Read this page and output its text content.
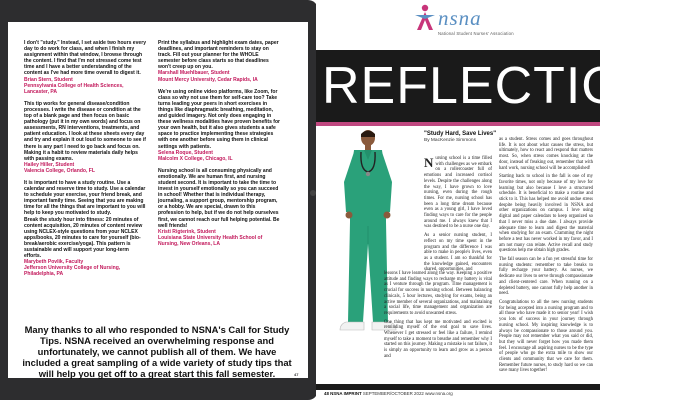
I don't "study." Instead, I set aside two hours every day to do work for class, and when I finish my assignment within that window, I browse through the content. I find that I'm not stressed come test time and I have a better understanding of the content as I've had more time overall to digest it.
Brian Stern, Student
Pennsylvania College of Health Sciences, Lancaster, PA

This tip works for general disease/condition processes. I write the disease or condition at the top of a blank page and then focus on basic pathology (put it in my own words) and focus on assessments, RN interventions, treatments, and patient education. I look at these sheets every day and try and explain it out loud to someone to see if there is any part I need to go back and focus on. Making it a habit to review materials daily helps with passing exams.
Hailey Hiller, Student
Valencia College, Orlando, FL

It is important to have a study routine. Use a calendar and reserve time to study. Use a calendar to schedule your exercise, your friend break, and important family time. Seeing that you are making time for all the things that are important to you will help to keep you motivated to study.
Break the study hour into fitness: 20 minutes of content acquisition, 20 minutes of content review using NCLEX-style questions from your NCLEX apps/books, 20 minutes to care for yourself (bio-break/aerobic exercise/yoga). This pattern is sustainable and will support your long-term efforts.
Marybeth Povlik, Faculty
Jefferson University College of Nursing, Philadelphia, PA

Print the syllabus and highlight exam dates, paper deadlines, and important reminders to stay on track. Fill out your planner for the WHOLE semester before class starts so that deadlines won't creep up on you.
Marshall Muehlbauer, Student
Mount Mercy University, Cedar Rapids, IA

We're using online video platforms, like Zoom, for class so why not use them for self-care too? Take turns leading your peers in short exercises in things like diaphragmatic breathing, meditation, and guided imagery. Not only does engaging in these wellness modalities have proven benefits for your own health, but it also gives students a safe space to practice implementing these strategies with one another before using them in clinical settings with patients.
Selena Roque, Student
Malcolm X College, Chicago, IL

Nursing school is all consuming physically and emotionally. We are human first, and nursing student second. It is important to take the time to invest in yourself emotionally so you can succeed in school! Whether that is individual therapy, journaling, a support group, mentorship program, or a hobby. We are special, drawn to this profession to help, but if we do not help ourselves first, we cannot reach our full helping potential. Be well friends!
Kristi Rigterink, Student
Louisiana State University Health School of Nursing, New Orleans, LA

Many thanks to all who responded to NSNA's Call for Study Tips. NSNA received an overwhelming response and unfortunately, we cannot publish all of them. We have included a great sampling of a wide variety of study tips that will help you get off to a great start this fall semester.	47
nsna
National Student Nurses' Association
REFLECTIONS
"Study Hard, Save Lives"
By MacKenzie Simmons

Nursing school is a time filled with challenges as we embark on a rollercoaster full of emotions and increased cortisol levels. Despite the challenges along the way, I have grown to love nursing, even during the rough times. For me, nursing school has been a long time dream because even as a young girl, I have loved finding ways to care for the people around me. I always knew that I was destined to be a nurse one day.

As a senior nursing student, I reflect on my time spent in the program and the difference I was able to make in people's lives, even as a student. I am so thankful for the knowledge gained, encounters shared, opportunities, and

lessons I have learned along the way. Keeping a positive attitude and finding ways to recharge my battery is vital as I venture through the program. Time management is crucial for success in nursing school. Between balancing clinicals, 5 hour lectures, studying for exams, being an active member of several organizations, and maintaining a social life, time management and organization are requirements to avoid unwanted stress.

One thing that has kept me motivated and excited is reminding myself of the end goal to save lives. Whenever I get stressed or feel like a failure, I remind myself to take a moment to breathe and remember why I started on this journey. Making a mistake is not failure, it is simply an opportunity to learn and grow as a person and

as a student. Stress comes and goes throughout life. It is not about what causes the stress, but ultimately, how to react and respond that matters most. So, when stress comes knocking at the door, instead of freaking out, remember that with hard work, nursing school will be accomplished!

Starting back to school in the fall is one of my favorite times, not only because of my love for learning but also because I love a structured schedule. It is beneficial to make a routine and stick to it. This has helped me avoid undue stress despite being heavily involved in NSNA and other organizations on campus. I love using digital and paper calendars to keep organized so that I never miss a due date. I always provide adequate time to learn and digest the material when studying for an exam. Cramming the night before a test has never worked in my favor, and I am not many can relate. Active recall and study questions help me obtain high grades.

The fall season can be a fun yet stressful time for nursing students: remember to take breaks to fully recharge your battery. As nurses, we dedicate our lives to serve through compassionate and client-centered care. When running on a depleted battery, one cannot fully help another in need.

Congratulations to all the new nursing students for being accepted into a nursing program and to all those who have made it to senior year! I wish you lots of success in your journey through nursing school. My inspiring knowledge is to always be compassionate to those around you. People may not remember what you said or did, but they will never forget how you made them feel. I encourage all aspiring nurses to be the type of people who go the extra mile to show our clients and community that we care for them. Remember future nurses, to study hard so we can save many lives together!

48 NSNA IMPRINT SEPTEMBER/OCTOBER 2022 www.nsna.org
